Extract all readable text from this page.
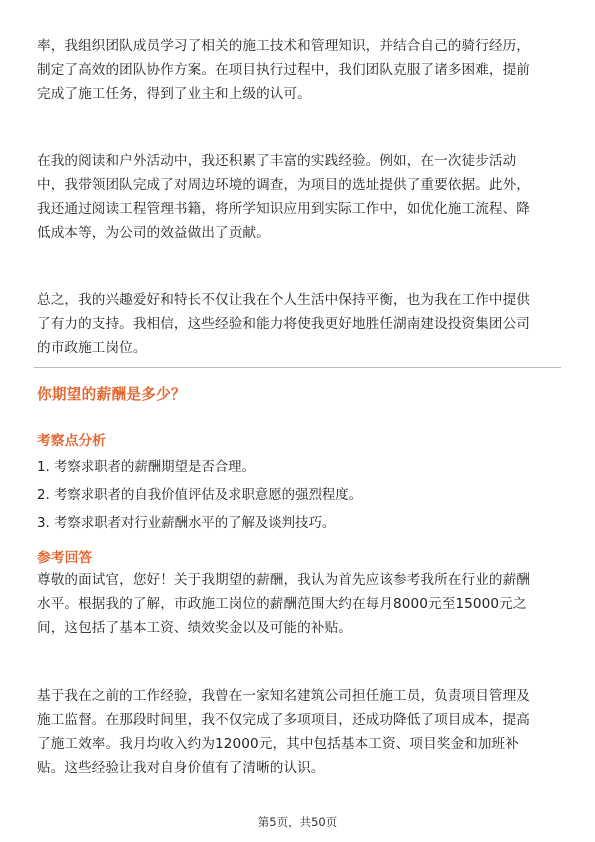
率，我组织团队成员学习了相关的施工技术和管理知识，并结合自己的骑行经历，
制定了高效的团队协作方案。在项目执行过程中，我们团队克服了诸多困难，提前
完成了施工任务，得到了业主和上级的认可。
在我的阅读和户外活动中，我还积累了丰富的实践经验。例如，在一次徒步活动
中，我带领团队完成了对周边环境的调查，为项目的选址提供了重要依据。此外，
我还通过阅读工程管理书籍，将所学知识应用到实际工作中，如优化施工流程、降
低成本等，为公司的效益做出了贡献。
总之，我的兴趣爱好和特长不仅让我在个人生活中保持平衡，也为我在工作中提供
了有力的支持。我相信，这些经验和能力将使我更好地胜任湖南建设投资集团公司
的市政施工岗位。
你期望的薪酬是多少？
考察点分析

1. 考察求职者的薪酬期望是否合理。

2. 考察求职者的自我价值评估及求职意愿的强烈程度。

3. 考察求职者对行业薪酬水平的了解及谈判技巧。

参考回答
尊敬的面试官，您好！关于我期望的薪酬，我认为首先应该参考我所在行业的薪酬
水平。根据我的了解，市政施工岗位的薪酬范围大约在每月8000元至15000元之
间，这包括了基本工资、绩效奖金以及可能的补贴。
基于我在之前的工作经验，我曾在一家知名建筑公司担任施工员，负责项目管理及
施工监督。在那段时间里，我不仅完成了多项项目，还成功降低了项目成本，提高
了施工效率。我月均收入约为12000元，其中包括基本工资、项目奖金和加班补
贴。这些经验让我对自身价值有了清晰的认识。
第5页，共50页
